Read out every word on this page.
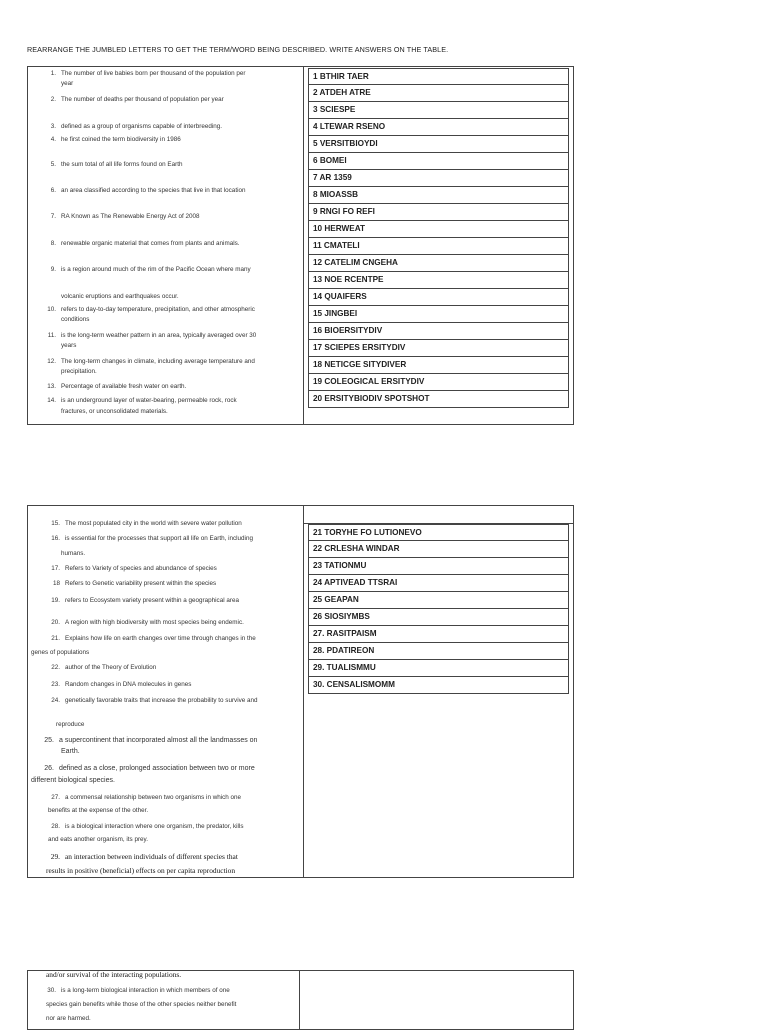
REARRANGE THE JUMBLED LETTERS TO GET THE TERM/WORD BEING DESCRIBED. WRITE ANSWERS ON THE TABLE.
1. The number of live babies born per thousand of the population per
year
2. The number of deaths per thousand of population per year
3. defined as a group of organisms capable of interbreeding.
4. he first coined the term biodiversity in 1986
5. the sum total of all life forms found on Earth
6. an area classified according to the species that live in that location
7. RA Known as The Renewable Energy Act of 2008
8. renewable organic material that comes from plants and animals.
9. is a region around much of the rim of the Pacific Ocean where many
volcanic eruptions and earthquakes occur.
10. refers to day-to-day temperature, precipitation, and other atmospheric
conditions
11. is the long-term weather pattern in an area, typically averaged over 30
years
12. The long-term changes in climate, including average temperature and
precipitation.
13. Percentage of available fresh water on earth.
14. is an underground layer of water-bearing, permeable rock, rock
fractures, or unconsolidated materials.
1 BTHIR TAER
2 ATDEH ATRE
3 SCIESPE
4 LTEWAR RSENO
5 VERSITBIOYDI
6 BOMEI
7 AR 1359
8 MIOASSB
9 RNGI FO REFI
10 HERWEAT
11 CMATELI
12 CATELIM CNGEHA
13 NOE RCENTPE
14 QUAIFERS
15 JINGBEI
16 BIOERSITYDIV
17 SCIEPES ERSITYDIV
18 NETICGE SITYDIVER
19 COLEOGICAL ERSITYDIV
20 ERSITYBIODIV SPOTSHOT
15. The most populated city in the world with severe water pollution
16. is essential for the processes that support all life on Earth, including
humans.
17. Refers to Variety of species and abundance of species
18 Refers to Genetic variability present within the species
19. refers to Ecosystem variety present within a geographical area
20. A region with high biodiversity with most species being endemic.
21. Explains how life on earth changes over time through changes in the
genes of populations
22. author of the Theory of Evolution
23. Random changes in DNA molecules in genes
24. genetically favorable traits that increase the probability to survive and
reproduce
25. a supercontinent that incorporated almost all the landmasses on
Earth.
26. defined as a close, prolonged association between two or more
different biological species.
27. a commensal relationship between two organisms in which one
benefits at the expense of the other.
28. is a biological interaction where one organism, the predator, kills
and eats another organism, its prey.
29. an interaction between individuals of different species that
results in positive (beneficial) effects on per capita reproduction
21 TORYHE FO LUTIONEVO
22 CRLESHA WINDAR
23 TATIONMU
24 APTIVEAD TTSRAI
25 GEAPAN
26 SIOSIYMBS
27. RASITPAISM
28. PDATIREON
29. TUALISMMU
30. CENSALISMOMM
and/or survival of the interacting populations.
30. is a long-term biological interaction in which members of one
species gain benefits while those of the other species neither benefit
nor are harmed.
